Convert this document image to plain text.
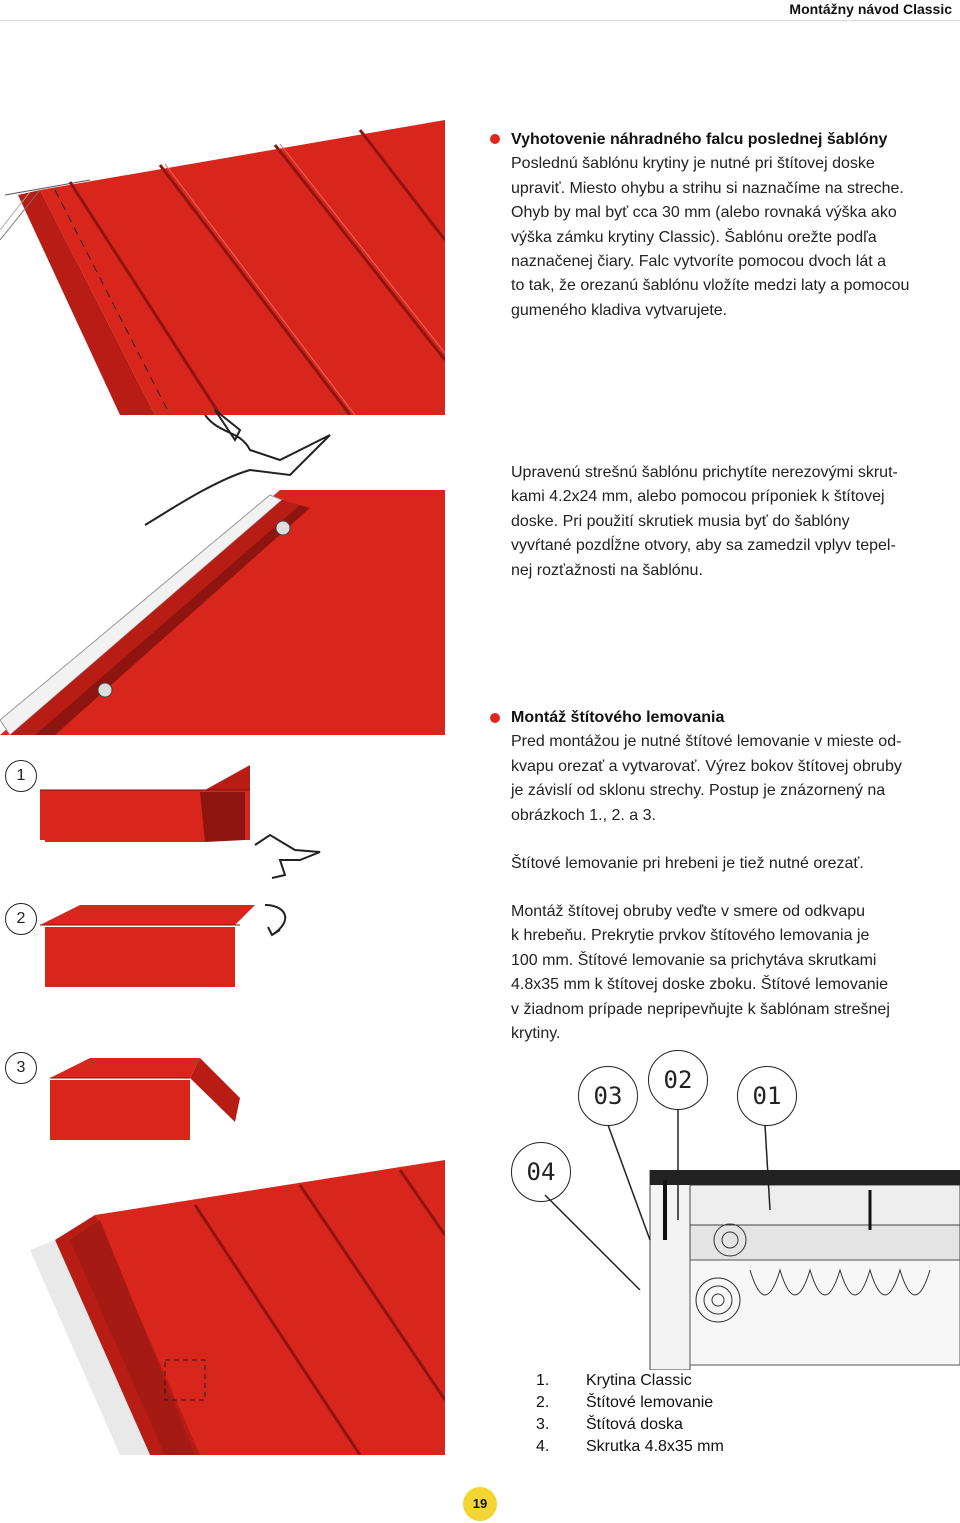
Montážny návod Classic
1
2
3
03
02
01
04

Vyhotovenie náhradného falcu poslednej šablóny

Poslednú šablónu krytiny je nutné pri štítovej doske

upraviť. Miesto ohybu a strihu si naznačíme na streche.

Ohyb by mal byť cca 30 mm (alebo rovnaká výška ako

výška zámku krytiny Classic). Šablónu orežte podľa

naznačenej čiary. Falc vytvoríte pomocou dvoch lát a

to tak, že orezanú šablónu vložíte medzi laty a pomocou

gumeného kladiva vytvarujete.

Upravenú strešnú šablónu prichytíte nerezovými skrut-

kami 4.2x24 mm, alebo pomocou príponiek k štítovej

doske. Pri použití skrutiek musia byť do šablóny

vyvŕtané pozdĺžne otvory, aby sa zamedzil vplyv tepel-

nej rozťažnosti na šablónu.

Montáž štítového lemovania

Pred montážou je nutné štítové lemovanie v mieste od-

kvapu orezať a vytvarovať. Výrez bokov štítovej obruby

je závislí od sklonu strechy. Postup je znázornený na

obrázkoch 1., 2. a 3.

Štítové lemovanie pri hrebeni je tiež nutné orezať.

Montáž štítovej obruby veďte v smere od odkvapu

k hrebeňu. Prekrytie prvkov štítového lemovania je

100 mm. Štítové lemovanie sa prichytáva skrutkami

4.8x35 mm k štítovej doske zboku. Štítové lemovanie

v žiadnom prípade nepripevňujte k šablónam strešnej

krytiny.

1. Krytina Classic
2. Štítové lemovanie
3. Štítová doska
4. Skrutka 4.8x35 mm
19
